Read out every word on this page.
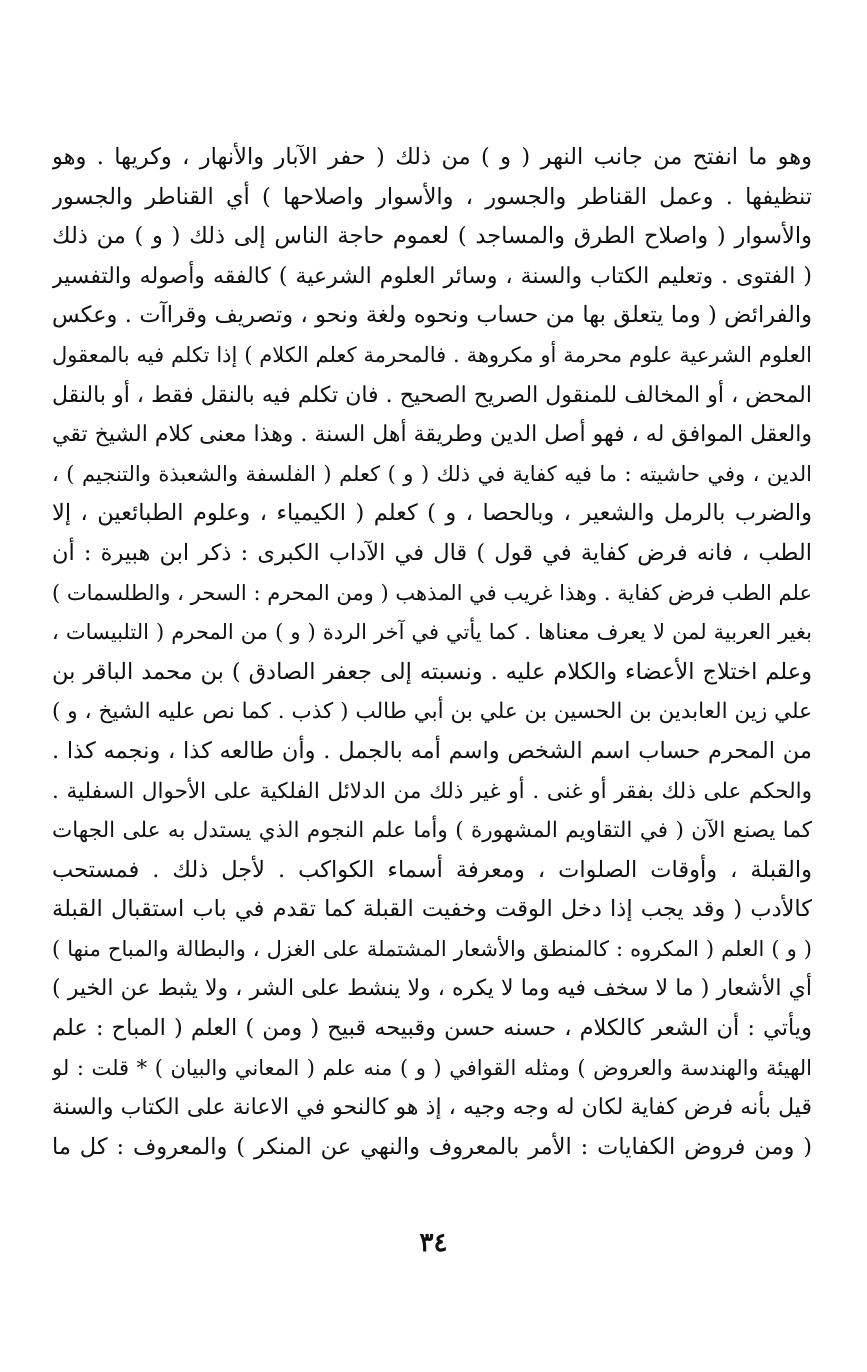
وهو ما انفتح من جانب النهر ( و ) من ذلك ( حفر الآبار والأنهار ، وكريها . وهو
تنظيفها . وعمل القناطر والجسور ، والأسوار واصلاحها ) أي القناطر والجسور
والأسوار ( واصلاح الطرق والمساجد ) لعموم حاجة الناس إلى ذلك ( و ) من ذلك
( الفتوى . وتعليم الكتاب والسنة ، وسائر العلوم الشرعية ) كالفقه وأصوله والتفسير
والفرائض ( وما يتعلق بها من حساب ونحوه ولغة ونحو ، وتصريف وقراآت . وعكس
العلوم الشرعية علوم محرمة أو مكروهة . فالمحرمة كعلم الكلام ) إذا تكلم فيه بالمعقول
المحض ، أو المخالف للمنقول الصريح الصحيح . فان تكلم فيه بالنقل فقط ، أو بالنقل
والعقل الموافق له ، فهو أصل الدين وطريقة أهل السنة . وهذا معنى كلام الشيخ تقي
الدين ، وفي حاشيته : ما فيه كفاية في ذلك ( و ) كعلم ( الفلسفة والشعبذة والتنجيم ) ،
والضرب بالرمل والشعير ، وبالحصا ، و ) كعلم ( الكيمياء ، وعلوم الطبائعين ، إلا
الطب ، فانه فرض كفاية في قول ) قال في الآداب الكبرى : ذكر ابن هبيرة : أن
علم الطب فرض كفاية . وهذا غريب في المذهب ( ومن المحرم : السحر ، والطلسمات )
بغير العربية لمن لا يعرف معناها . كما يأتي في آخر الردة ( و ) من المحرم ( التلبيسات ،
وعلم اختلاج الأعضاء والكلام عليه . ونسبته إلى جعفر الصادق ) بن محمد الباقر بن
علي زين العابدين بن الحسين بن علي بن أبي طالب ( كذب . كما نص عليه الشيخ ، و )
من المحرم حساب اسم الشخص واسم أمه بالجمل . وأن طالعه كذا ، ونجمه كذا .
والحكم على ذلك بفقر أو غنى . أو غير ذلك من الدلائل الفلكية على الأحوال السفلية .
كما يصنع الآن ( في التقاويم المشهورة ) وأما علم النجوم الذي يستدل به على الجهات
والقبلة ، وأوقات الصلوات ، ومعرفة أسماء الكواكب . لأجل ذلك . فمستحب
كالأدب ( وقد يجب إذا دخل الوقت وخفيت القبلة كما تقدم في باب استقبال القبلة
( و ) العلم ( المكروه : كالمنطق والأشعار المشتملة على الغزل ، والبطالة والمباح منها )
أي الأشعار ( ما لا سخف فيه وما لا يكره ، ولا ينشط على الشر ، ولا يثبط عن الخير )
ويأتي : أن الشعر كالكلام ، حسنه حسن وقبيحه قبيح ( ومن ) العلم ( المباح : علم
الهيئة والهندسة والعروض ) ومثله القوافي ( و ) منه علم ( المعاني والبيان ) * قلت : لو
قيل بأنه فرض كفاية لكان له وجه وجيه ، إذ هو كالنحو في الاعانة على الكتاب والسنة
( ومن فروض الكفايات : الأمر بالمعروف والنهي عن المنكر ) والمعروف : كل ما
٣٤
